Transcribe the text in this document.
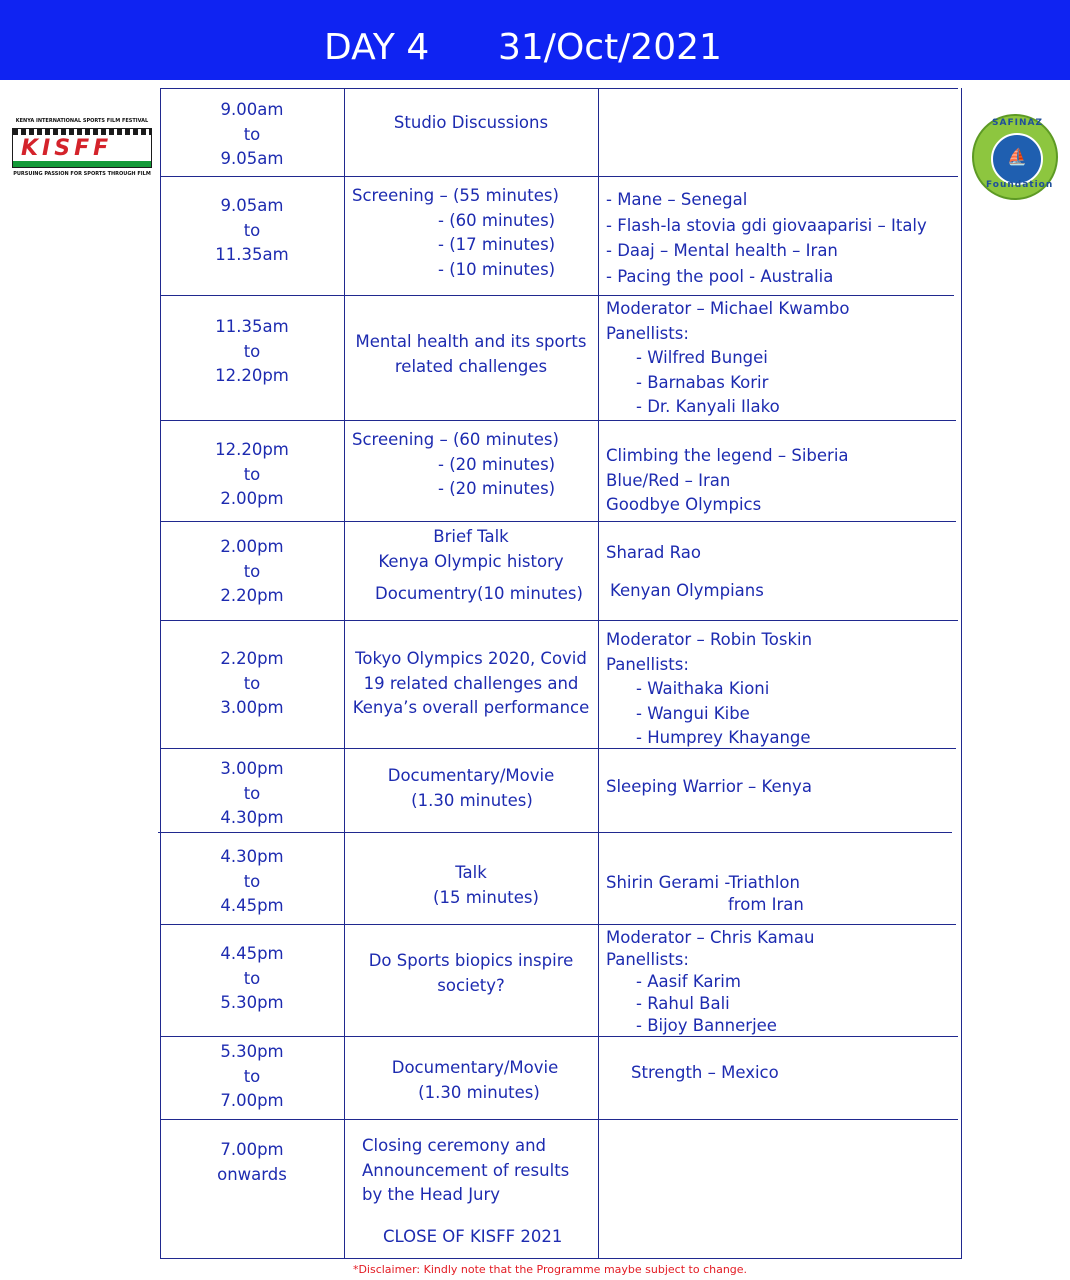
DAY 4 31/Oct/2021
KENYA INTERNATIONAL SPORTS FILM FESTIVAL
KISFF
PURSUING PASSION FOR SPORTS THROUGH FILM
SAFINAZ
⛵
Foundation
9.00am
to
9.05am
Studio Discussions
9.05am
to
11.35am
Screening – (55 minutes)
- (60 minutes)
- (17 minutes)
- (10 minutes)
- Mane – Senegal
- Flash-la stovia gdi giovaaparisi – Italy
- Daaj – Mental health – Iran
- Pacing the pool - Australia
11.35am
to
12.20pm
Mental health and its sports
related challenges
Moderator – Michael Kwambo
Panellists:
- Wilfred Bungei
- Barnabas Korir
- Dr. Kanyali Ilako
12.20pm
to
2.00pm
Screening – (60 minutes)
- (20 minutes)
- (20 minutes)
Climbing the legend – Siberia
Blue/Red – Iran
Goodbye Olympics
2.00pm
to
2.20pm
Brief Talk
Kenya Olympic history
Documentry(10 minutes)
Sharad Rao
Kenyan Olympians
2.20pm
to
3.00pm
Tokyo Olympics 2020, Covid
19 related challenges and
Kenya’s overall performance
Moderator – Robin Toskin
Panellists:
- Waithaka Kioni
- Wangui Kibe
- Humprey Khayange
3.00pm
to
4.30pm
Documentary/Movie
(1.30 minutes)
Sleeping Warrior – Kenya
4.30pm
to
4.45pm
Talk
(15 minutes)
Shirin Gerami -Triathlon
from Iran
4.45pm
to
5.30pm
Do Sports biopics inspire
society?
Moderator – Chris Kamau
Panellists:
- Aasif Karim
- Rahul Bali
- Bijoy Bannerjee
5.30pm
to
7.00pm
Documentary/Movie
(1.30 minutes)
Strength – Mexico
7.00pm
onwards
Closing ceremony and
Announcement of results
by the Head Jury
CLOSE OF KISFF 2021
*Disclaimer: Kindly note that the Programme maybe subject to change.
